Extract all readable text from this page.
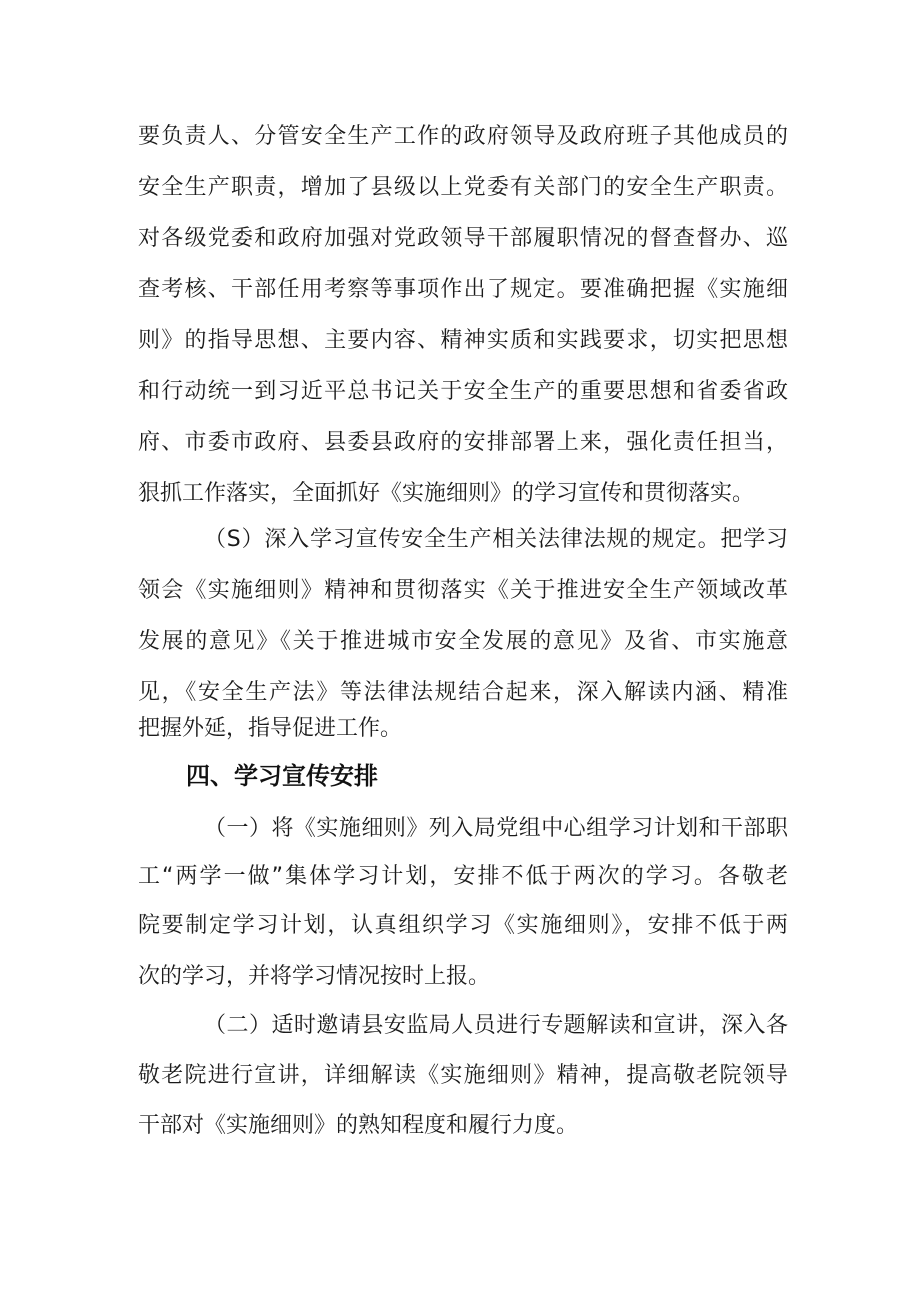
要负责人、分管安全生产工作的政府领导及政府班子其他成员的

安全生产职责，增加了县级以上党委有关部门的安全生产职责。

对各级党委和政府加强对党政领导干部履职情况的督查督办、巡

查考核、干部任用考察等事项作出了规定。要准确把握《实施细

则》的指导思想、主要内容、精神实质和实践要求，切实把思想

和行动统一到习近平总书记关于安全生产的重要思想和省委省政

府、市委市政府、县委县政府的安排部署上来，强化责任担当，

狠抓工作落实，全面抓好《实施细则》的学习宣传和贯彻落实。

（S）深入学习宣传安全生产相关法律法规的规定。把学习

领会《实施细则》精神和贯彻落实《关于推进安全生产领域改革

发展的意见》《关于推进城市安全发展的意见》及省、市实施意

见，《安全生产法》等法律法规结合起来，深入解读内涵、精准

把握外延，指导促进工作。

四、学习宣传安排

（一）将《实施细则》列入局党组中心组学习计划和干部职

工“两学一做”集体学习计划，安排不低于两次的学习。各敬老

院要制定学习计划，认真组织学习《实施细则》，安排不低于两

次的学习，并将学习情况按时上报。

（二）适时邀请县安监局人员进行专题解读和宣讲，深入各

敬老院进行宣讲，详细解读《实施细则》精神，提高敬老院领导

干部对《实施细则》的熟知程度和履行力度。
